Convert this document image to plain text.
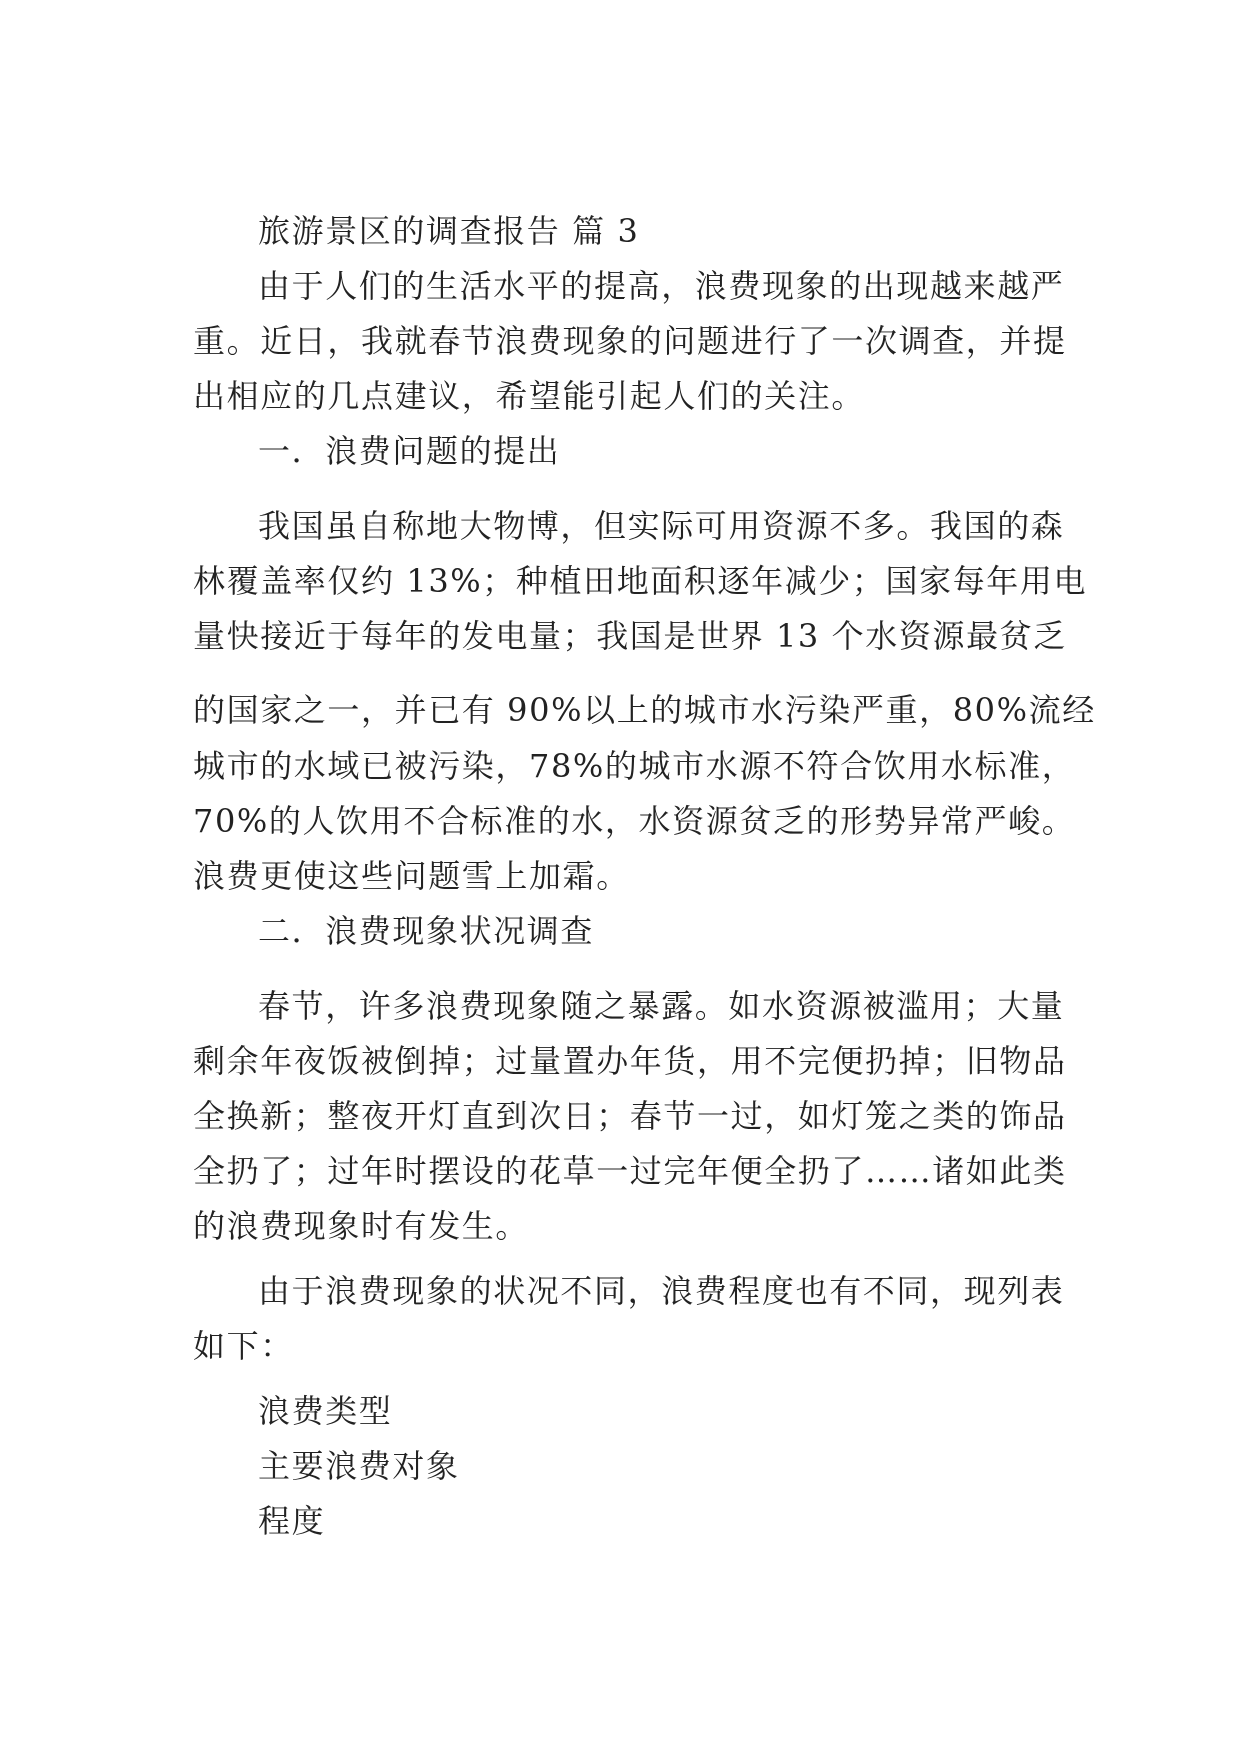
旅游景区的调查报告 篇 3
由于人们的生活水平的提高，浪费现象的出现越来越严
重。近日，我就春节浪费现象的问题进行了一次调查，并提
出相应的几点建议，希望能引起人们的关注。
一．浪费问题的提出
我国虽自称地大物博，但实际可用资源不多。我国的森
林覆盖率仅约 13%；种植田地面积逐年减少；国家每年用电
量快接近于每年的发电量；我国是世界 13 个水资源最贫乏
的国家之一，并已有 90%以上的城市水污染严重，80%流经
城市的水域已被污染，78%的城市水源不符合饮用水标准，
70%的人饮用不合标准的水，水资源贫乏的形势异常严峻。
浪费更使这些问题雪上加霜。
二．浪费现象状况调查
春节，许多浪费现象随之暴露。如水资源被滥用；大量
剩余年夜饭被倒掉；过量置办年货，用不完便扔掉；旧物品
全换新；整夜开灯直到次日；春节一过，如灯笼之类的饰品
全扔了；过年时摆设的花草一过完年便全扔了……诸如此类
的浪费现象时有发生。
由于浪费现象的状况不同，浪费程度也有不同，现列表
如下：
浪费类型
主要浪费对象
程度
